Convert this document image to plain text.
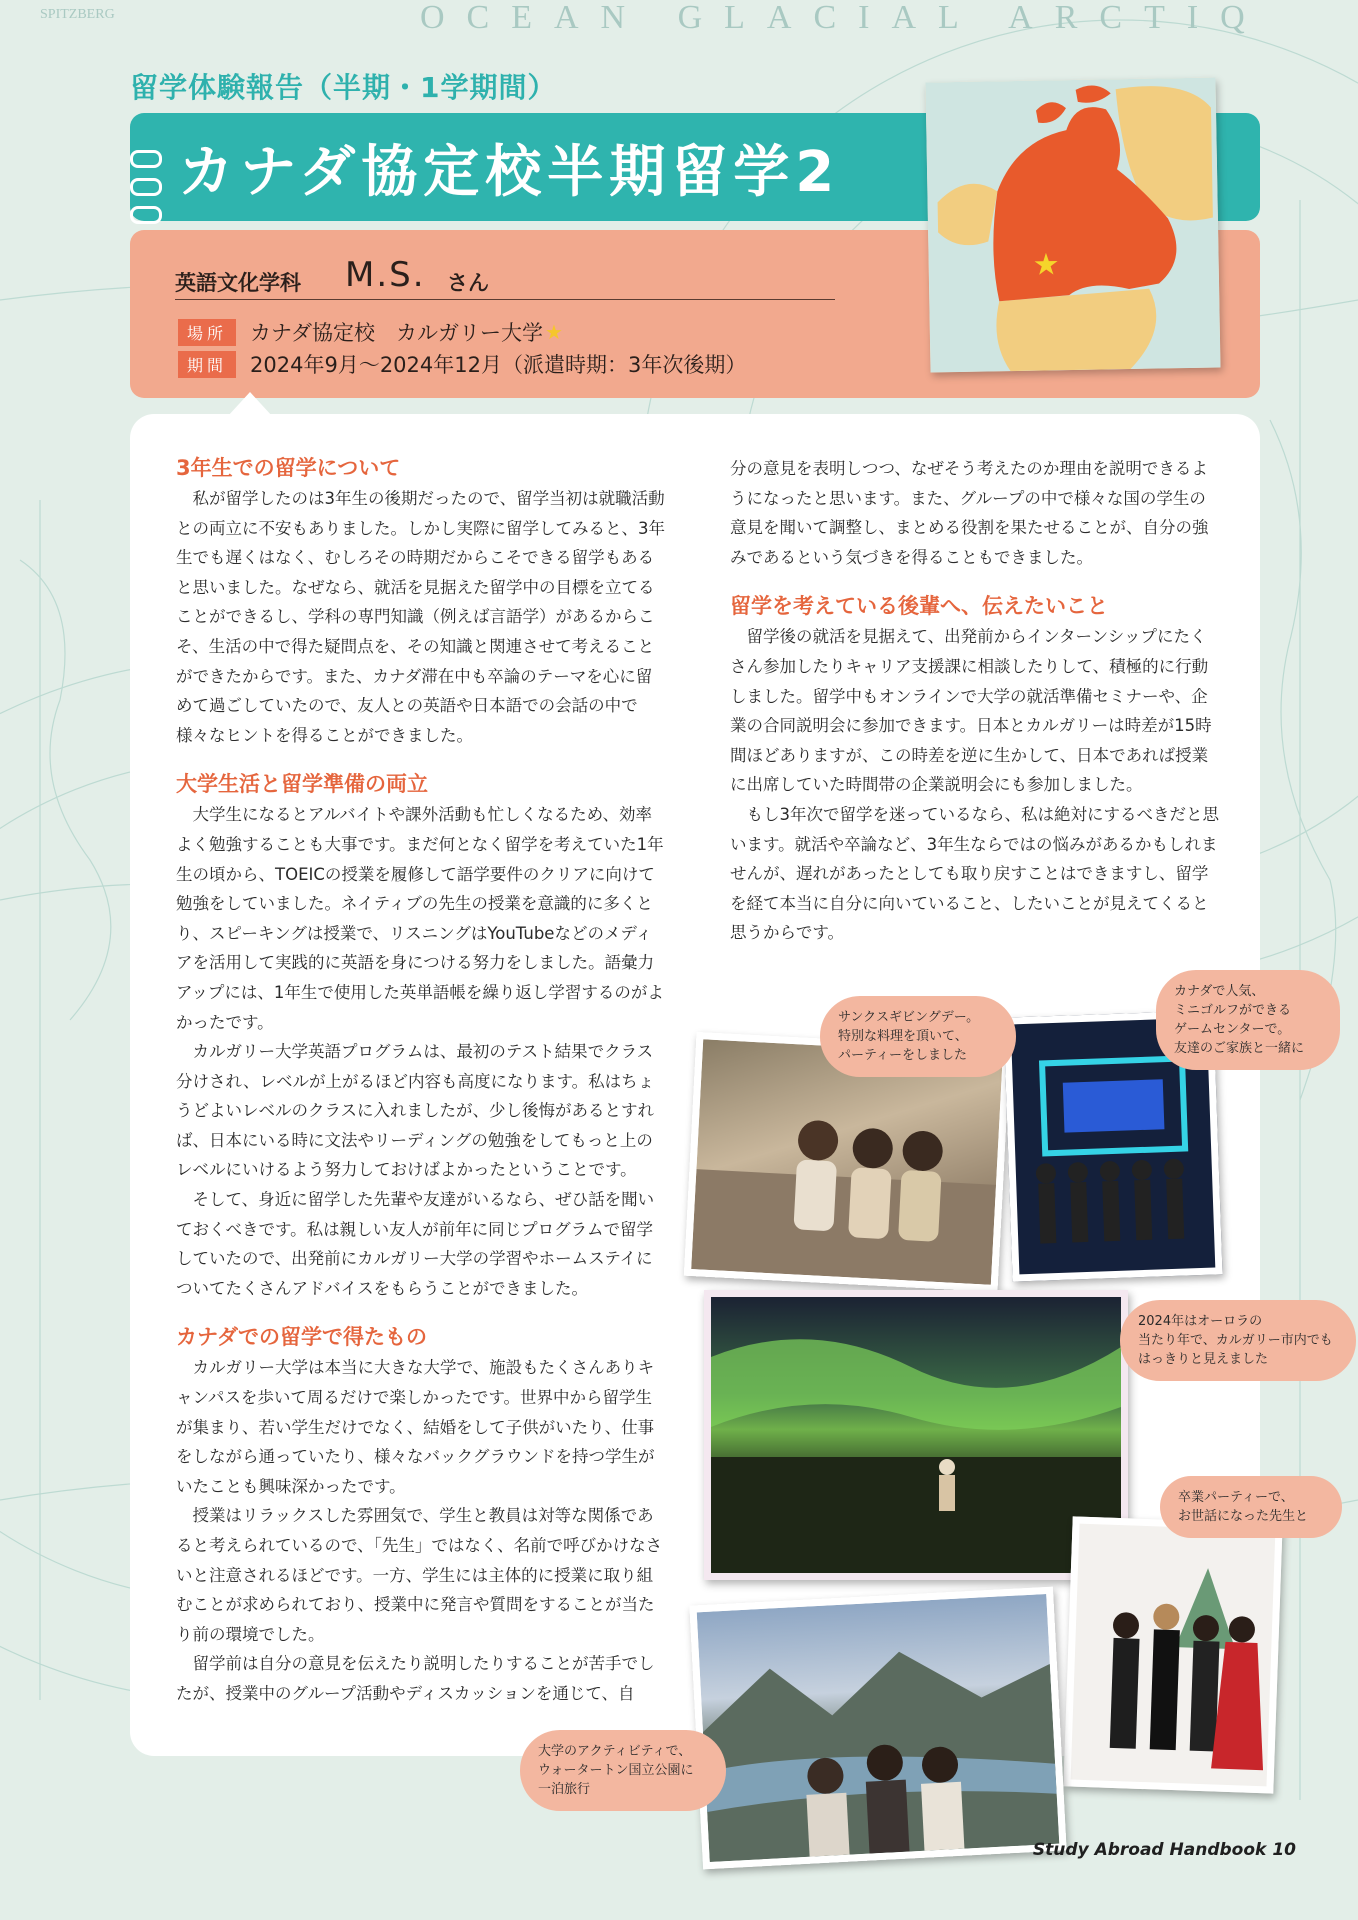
OCEAN GLACIAL ARCTIQ
SPITZBERG
留学体験報告（半期・1学期間）
カナダ協定校半期留学2
英語文化学科 M.S. さん
場所	カナダ協定校　カルガリー大学 ★
期間	2024年9月〜2024年12月（派遣時期：3年次後期）
★
3年生での留学について

私が留学したのは3年生の後期だったので、留学当初は就職活動との両立に不安もありました。しかし実際に留学してみると、3年生でも遅くはなく、むしろその時期だからこそできる留学もあると思いました。なぜなら、就活を見据えた留学中の目標を立てることができるし、学科の専門知識（例えば言語学）があるからこそ、生活の中で得た疑問点を、その知識と関連させて考えることができたからです。また、カナダ滞在中も卒論のテーマを心に留めて過ごしていたので、友人との英語や日本語での会話の中で様々なヒントを得ることができました。

大学生活と留学準備の両立

大学生になるとアルバイトや課外活動も忙しくなるため、効率よく勉強することも大事です。まだ何となく留学を考えていた1年生の頃から、TOEICの授業を履修して語学要件のクリアに向けて勉強をしていました。ネイティブの先生の授業を意識的に多くとり、スピーキングは授業で、リスニングはYouTubeなどのメディアを活用して実践的に英語を身につける努力をしました。語彙力アップには、1年生で使用した英単語帳を繰り返し学習するのがよかったです。

カルガリー大学英語プログラムは、最初のテスト結果でクラス分けされ、レベルが上がるほど内容も高度になります。私はちょうどよいレベルのクラスに入れましたが、少し後悔があるとすれば、日本にいる時に文法やリーディングの勉強をしてもっと上のレベルにいけるよう努力しておけばよかったということです。

そして、身近に留学した先輩や友達がいるなら、ぜひ話を聞いておくべきです。私は親しい友人が前年に同じプログラムで留学していたので、出発前にカルガリー大学の学習やホームステイについてたくさんアドバイスをもらうことができました。

カナダでの留学で得たもの

カルガリー大学は本当に大きな大学で、施設もたくさんありキャンパスを歩いて周るだけで楽しかったです。世界中から留学生が集まり、若い学生だけでなく、結婚をして子供がいたり、仕事をしながら通っていたり、様々なバックグラウンドを持つ学生がいたことも興味深かったです。

授業はリラックスした雰囲気で、学生と教員は対等な関係であると考えられているので、「先生」ではなく、名前で呼びかけなさいと注意されるほどです。一方、学生には主体的に授業に取り組むことが求められており、授業中に発言や質問をすることが当たり前の環境でした。

留学前は自分の意見を伝えたり説明したりすることが苦手でしたが、授業中のグループ活動やディスカッションを通じて、自

分の意見を表明しつつ、なぜそう考えたのか理由を説明できるようになったと思います。また、グループの中で様々な国の学生の意見を聞いて調整し、まとめる役割を果たせることが、自分の強みであるという気づきを得ることもできました。

留学を考えている後輩へ、伝えたいこと

留学後の就活を見据えて、出発前からインターンシップにたくさん参加したりキャリア支援課に相談したりして、積極的に行動しました。留学中もオンラインで大学の就活準備セミナーや、企業の合同説明会に参加できます。日本とカルガリーは時差が15時間ほどありますが、この時差を逆に生かして、日本であれば授業に出席していた時間帯の企業説明会にも参加しました。

もし3年次で留学を迷っているなら、私は絶対にするべきだと思います。就活や卒論など、3年生ならではの悩みがあるかもしれませんが、遅れがあったとしても取り戻すことはできますし、留学を経て本当に自分に向いていること、したいことが見えてくると思うからです。

サンクスギビングデー。
特別な料理を頂いて、
パーティーをしました
カナダで人気、
ミニゴルフができる
ゲームセンターで。
友達のご家族と一緒に
2024年はオーロラの
当たり年で、カルガリー市内でも
はっきりと見えました
卒業パーティーで、
お世話になった先生と
大学のアクティビティで、
ウォータートン国立公園に
一泊旅行
Study Abroad Handbook 10
